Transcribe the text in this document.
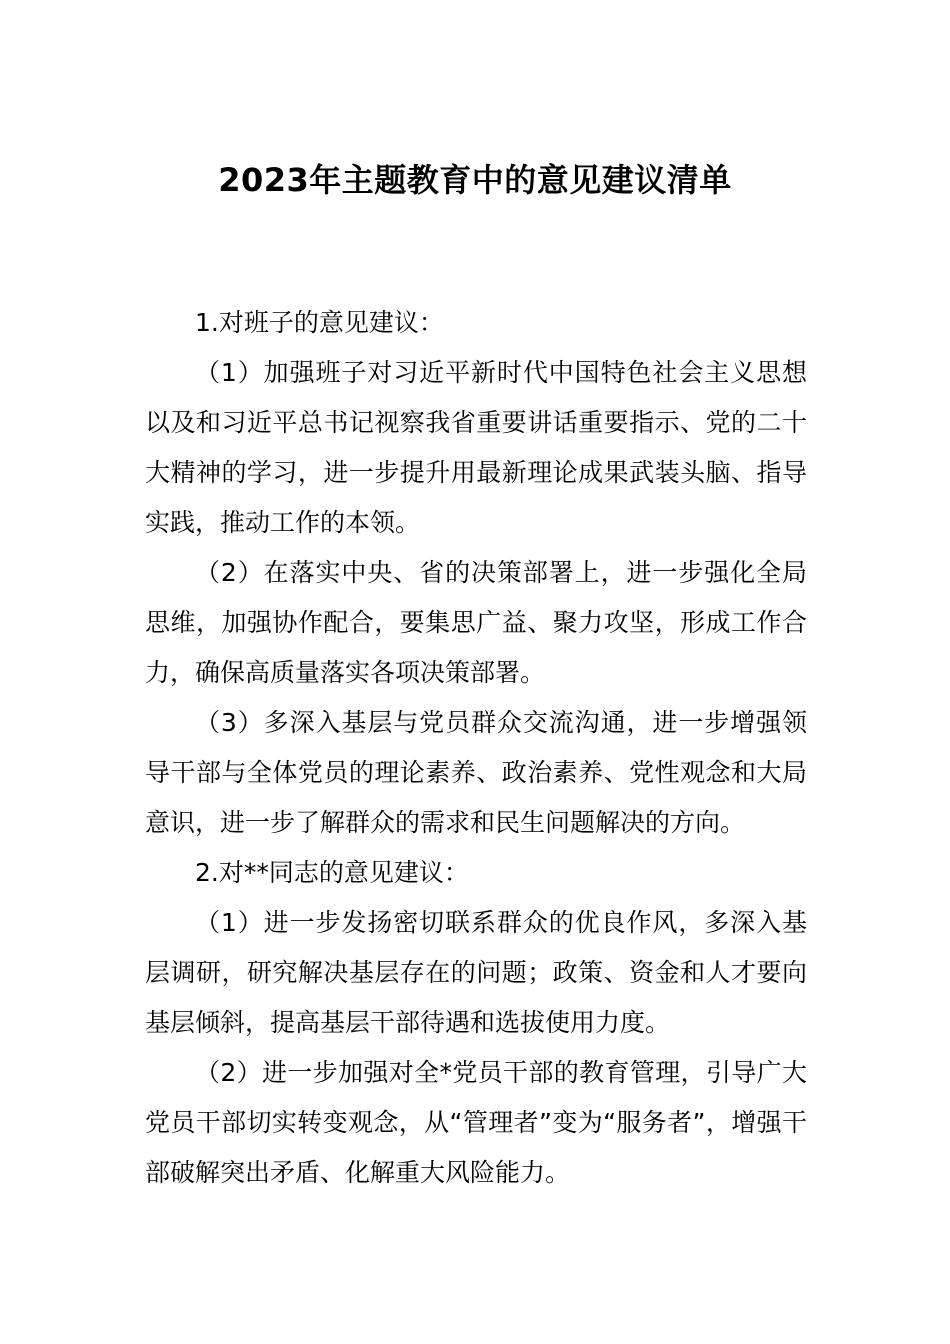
2023年主题教育中的意见建议清单

1.对班子的意见建议：

（1）加强班子对习近平新时代中国特色社会主义思想以及和习近平总书记视察我省重要讲话重要指示、党的二十大精神的学习，进一步提升用最新理论成果武装头脑、指导实践，推动工作的本领。

（2）在落实中央、省的决策部署上，进一步强化全局思维，加强协作配合，要集思广益、聚力攻坚，形成工作合力，确保高质量落实各项决策部署。

（3）多深入基层与党员群众交流沟通，进一步增强领导干部与全体党员的理论素养、政治素养、党性观念和大局意识，进一步了解群众的需求和民生问题解决的方向。

2.对**同志的意见建议：

（1）进一步发扬密切联系群众的优良作风，多深入基层调研，研究解决基层存在的问题；政策、资金和人才要向基层倾斜，提高基层干部待遇和选拔使用力度。

（2）进一步加强对全*党员干部的教育管理，引导广大党员干部切实转变观念，从“管理者”变为“服务者”，增强干部破解突出矛盾、化解重大风险能力。
